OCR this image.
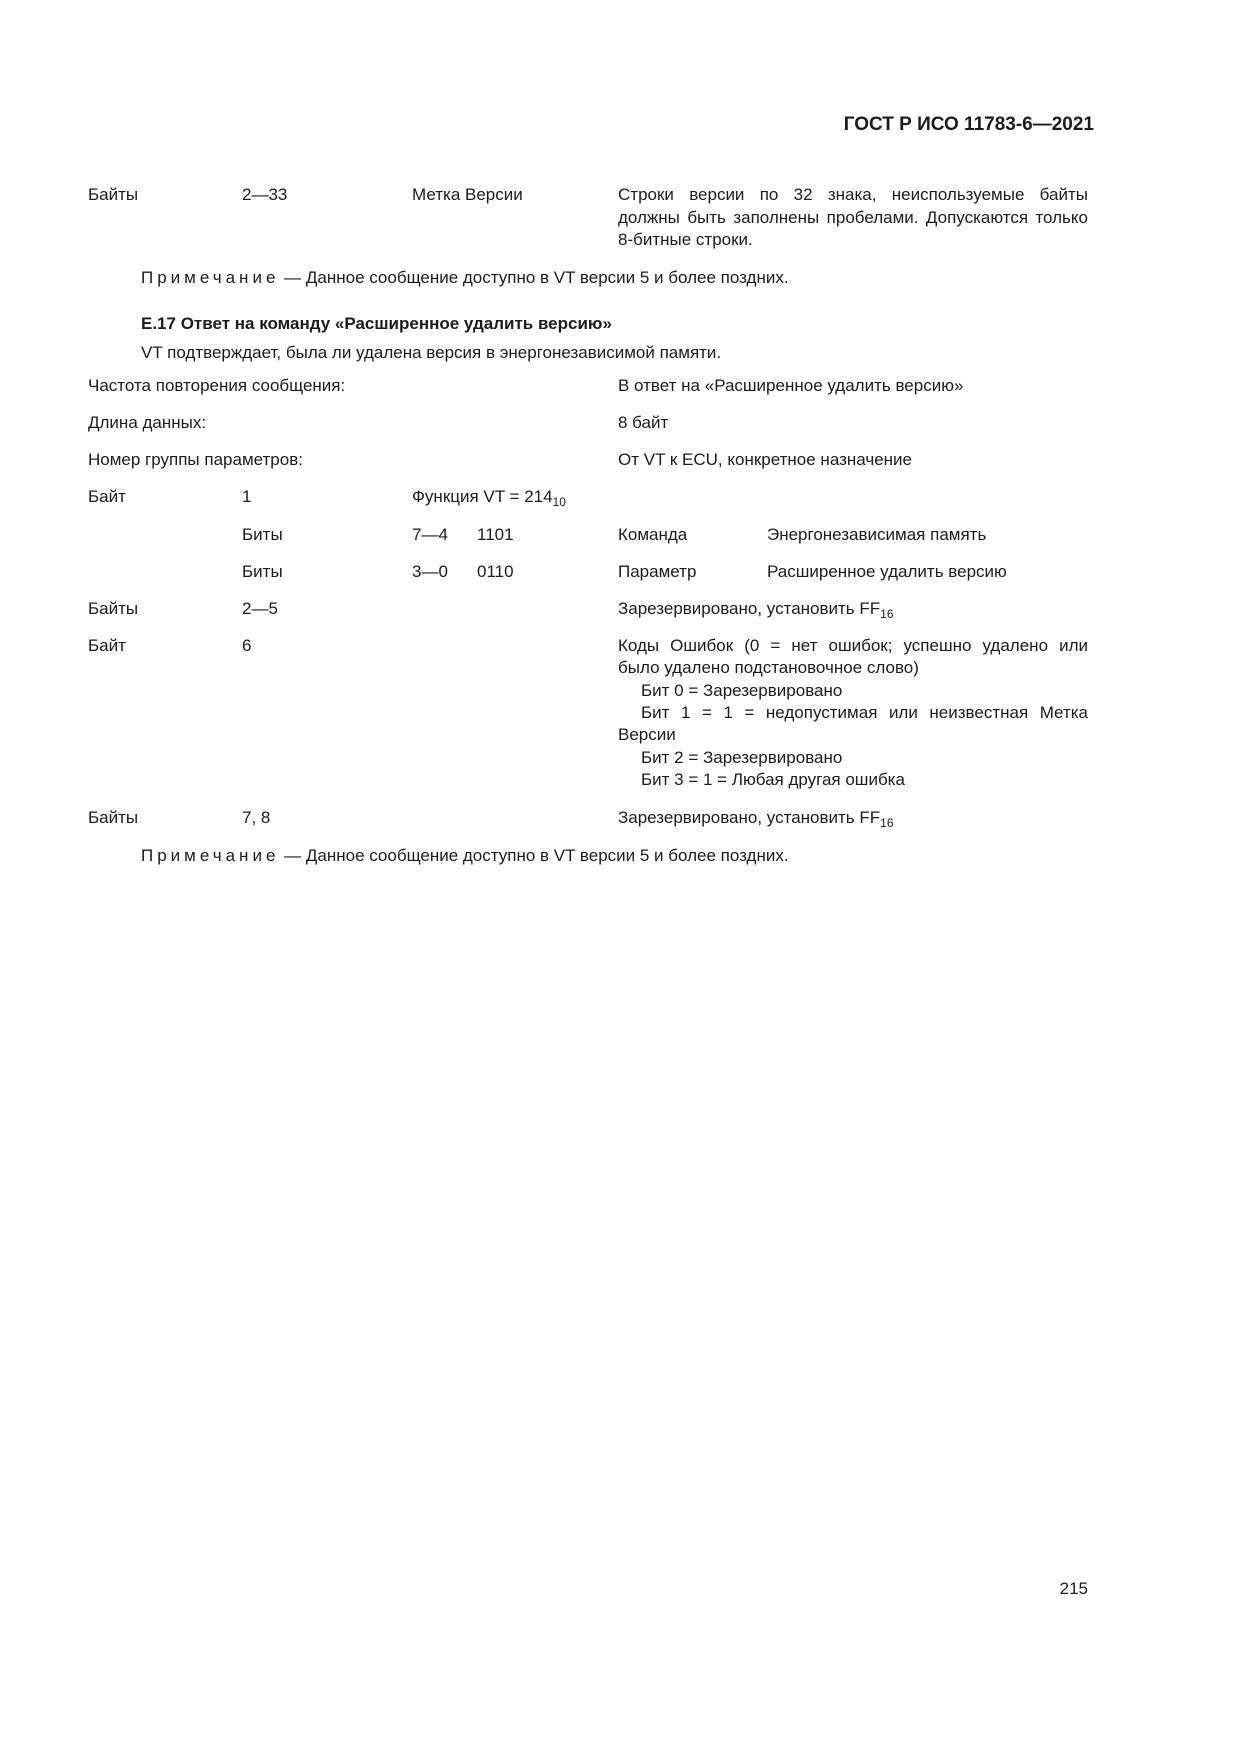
ГОСТ Р ИСО 11783-6—2021
Байты	2—33	Метка Версии	Строки версии по 32 знака, неиспользуемые байты должны быть заполнены пробелами. Допускаются только 8-битные строки.
Примечание — Данное сообщение доступно в VT версии 5 и более поздних.
E.17 Ответ на команду «Расширенное удалить версию»
VT подтверждает, была ли удалена версия в энергонезависимой памяти.
Частота повторения сообщения:	В ответ на «Расширенное удалить версию»
Длина данных:	8 байт
Номер группы параметров:	От VT к ECU, конкретное назначение
Байт	1	Функция VT = $214_{10}$
Биты	7—4 1101	Команда	Энергонезависимая память
Биты	3—0 0110	Параметр	Расширенное удалить версию
Байты	2—5	Зарезервировано, установить $FF_{16}$
Байт	6	Коды Ошибок (0 = нет ошибок; успешно удалено или
было удалено подстановочное слово)
Бит 0 = Зарезервировано
Бит 1 = 1 = недопустимая или неизвестная Метка
Версии
Бит 2 = Зарезервировано
Бит 3 = 1 = Любая другая ошибка
Байты	7, 8	Зарезервировано, установить $FF_{16}$
Примечание — Данное сообщение доступно в VT версии 5 и более поздних.
215
